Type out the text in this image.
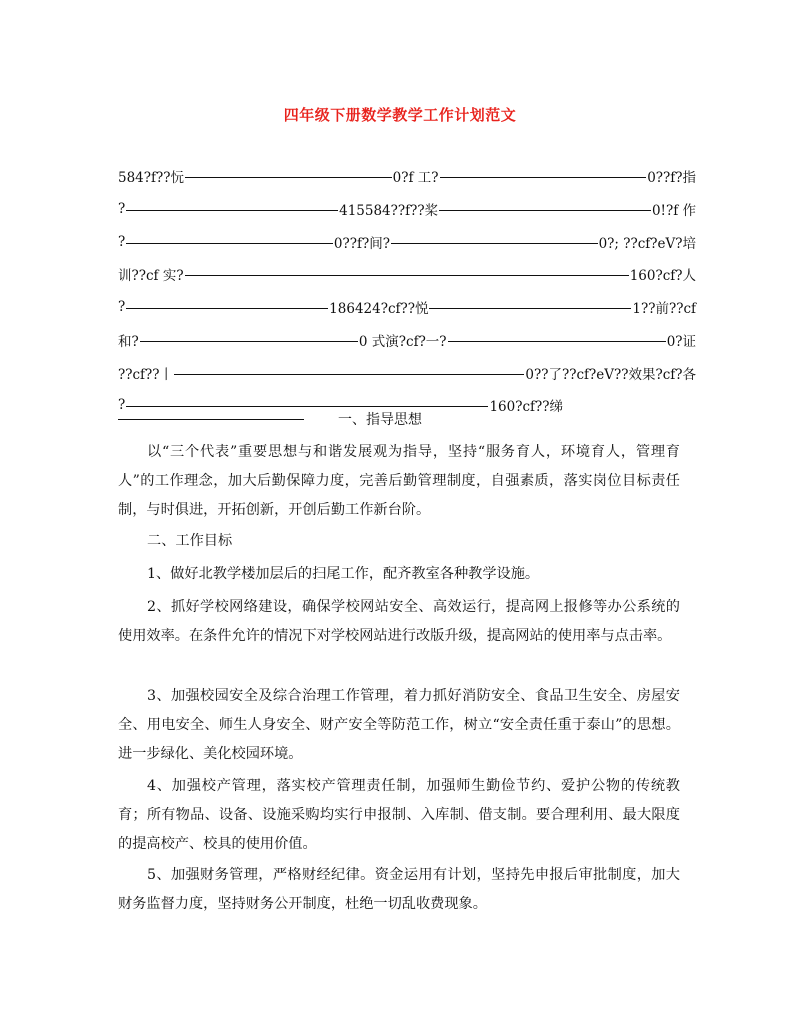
四年级下册数学教学工作计划范文
584?f??忨	0?f 工?	0??f?指
?	415584??f??桨	0!?f 作
?	0??f?间?	0?; ??cf?eV?培
训??cf 实?	160?cf?人
?	186424?cf??悦	1??前??cf
和?	0 式演?cf?一?	0?证
??cf??丨	0??了??cf?eV??效果?cf?各
?	160?cf??绨
一、指导思想

以“三个代表”重要思想与和谐发展观为指导，坚持“服务育人，环境育人，管理育人”的工作理念，加大后勤保障力度，完善后勤管理制度，自强素质，落实岗位目标责任制，与时俱进，开拓创新，开创后勤工作新台阶。

二、工作目标

1、做好北教学楼加层后的扫尾工作，配齐教室各种教学设施。

2、抓好学校网络建设，确保学校网站安全、高效运行，提高网上报修等办公系统的使用效率。在条件允许的情况下对学校网站进行改版升级，提高网站的使用率与点击率。

3、加强校园安全及综合治理工作管理，着力抓好消防安全、食品卫生安全、房屋安全、用电安全、师生人身安全、财产安全等防范工作，树立“安全责任重于泰山”的思想。进一步绿化、美化校园环境。

4、加强校产管理，落实校产管理责任制，加强师生勤俭节约、爱护公物的传统教育；所有物品、设备、设施采购均实行申报制、入库制、借支制。要合理利用、最大限度的提高校产、校具的使用价值。

5、加强财务管理，严格财经纪律。资金运用有计划，坚持先申报后审批制度，加大财务监督力度，坚持财务公开制度，杜绝一切乱收费现象。
